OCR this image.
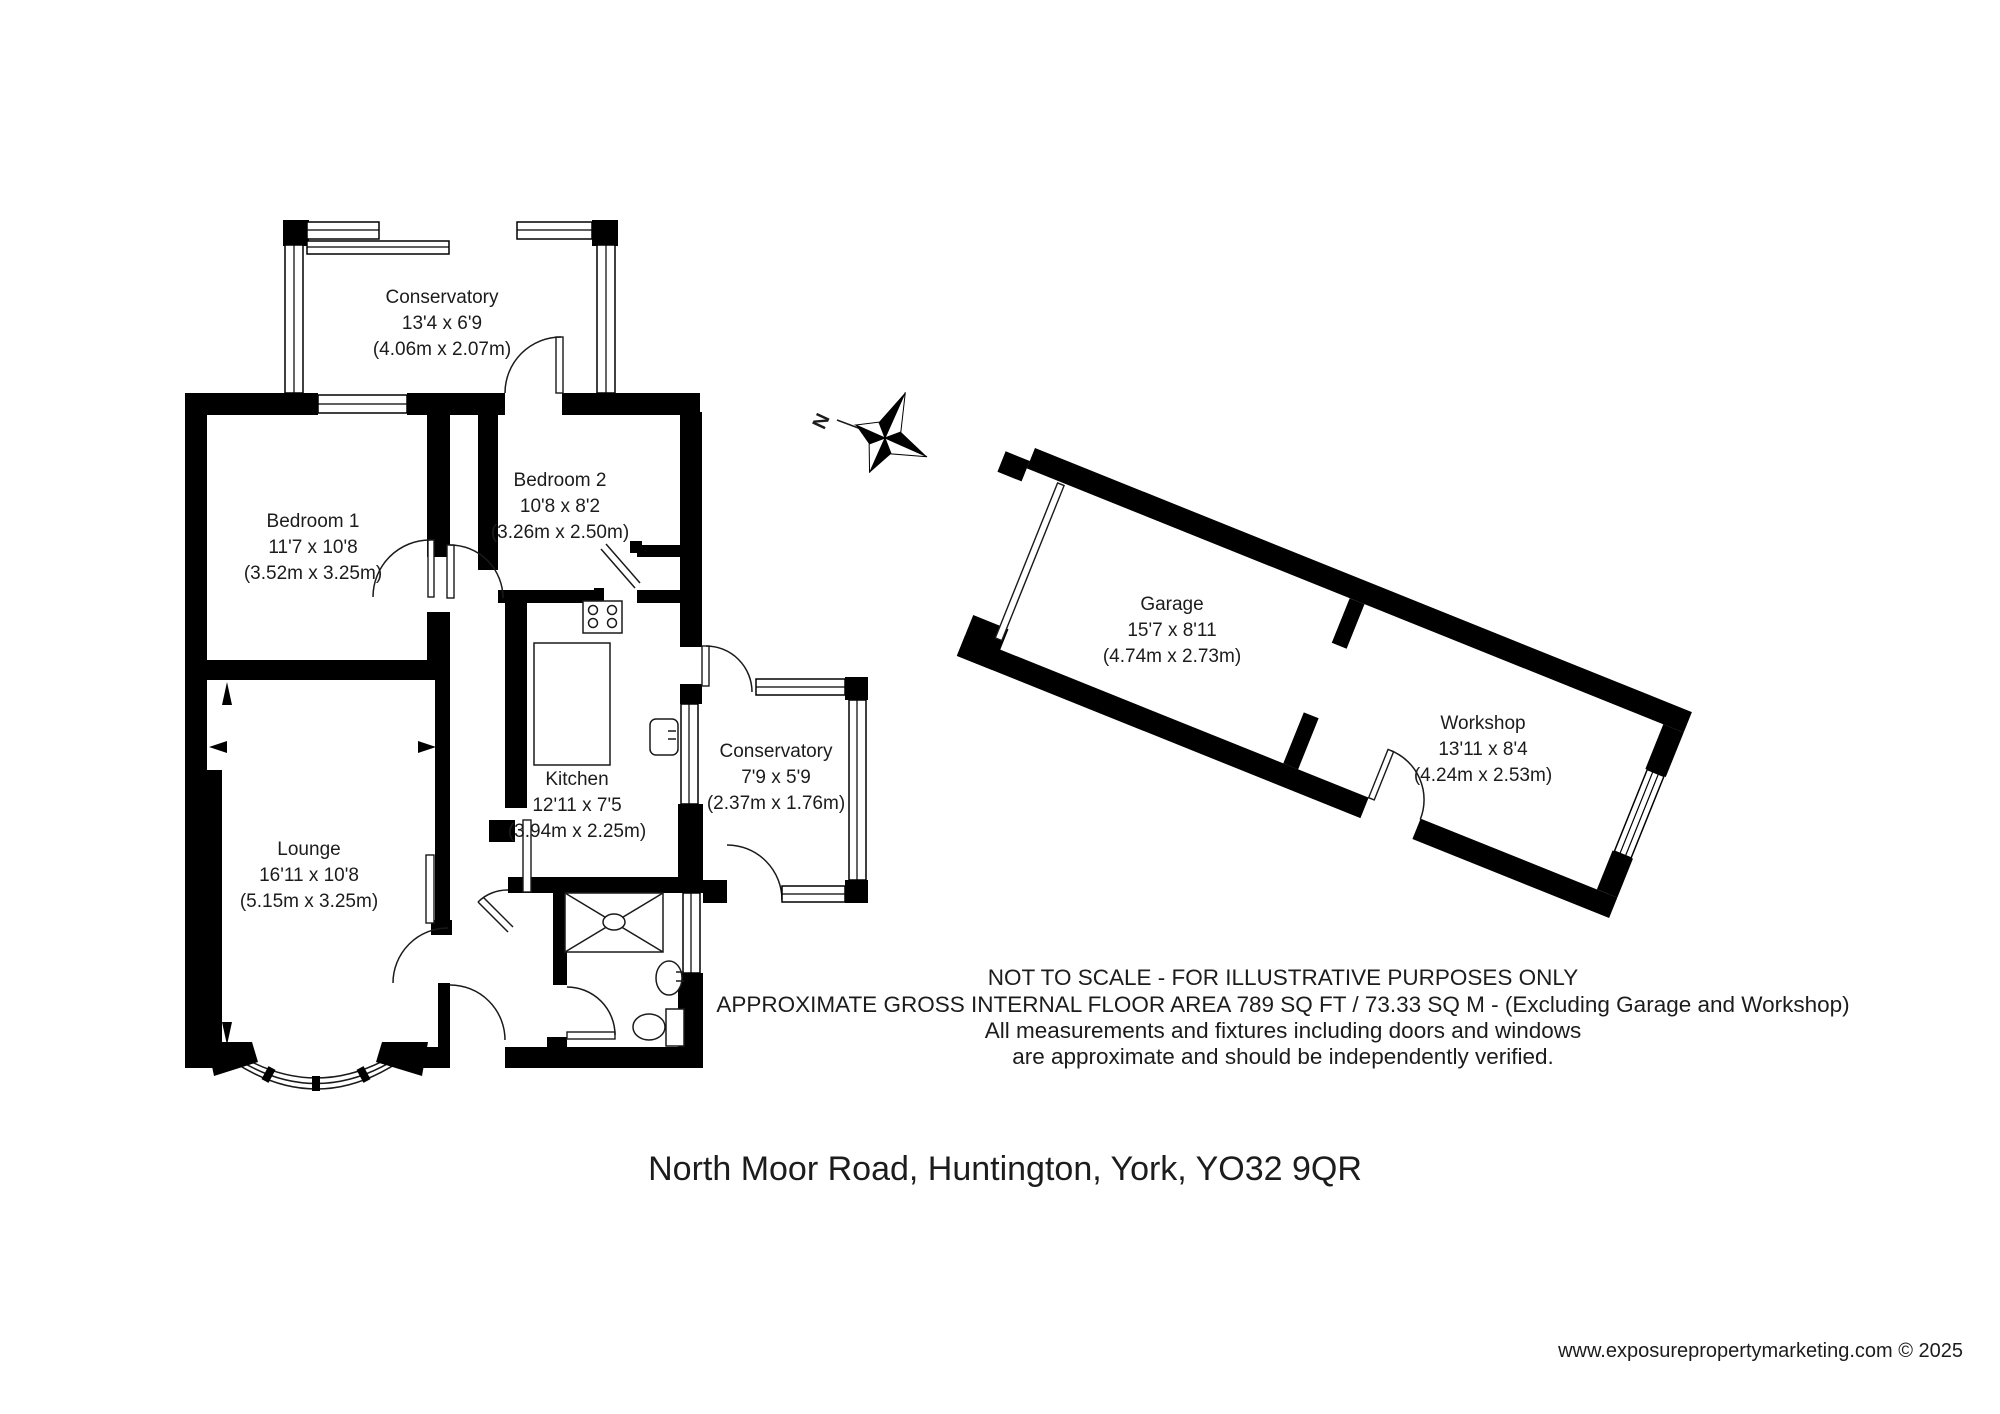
N
Conservatory
13'4 x 6'9
(4.06m x 2.07m)
Bedroom 1
11'7 x 10'8
(3.52m x 3.25m)
Bedroom 2
10'8 x 8'2
(3.26m x 2.50m)
Kitchen
12'11 x 7'5
(3.94m x 2.25m)
Lounge
16'11 x 10'8
(5.15m x 3.25m)
Conservatory
7'9 x 5'9
(2.37m x 1.76m)
Garage
15'7 x 8'11
(4.74m x 2.73m)
Workshop
13'11 x 8'4
(4.24m x 2.53m)
NOT TO SCALE - FOR ILLUSTRATIVE PURPOSES ONLY
APPROXIMATE GROSS INTERNAL FLOOR AREA 789 SQ FT / 73.33 SQ M - (Excluding Garage and Workshop)
All measurements and fixtures including doors and windows
are approximate and should be independently verified.
North Moor Road, Huntington, York, YO32 9QR
www.exposurepropertymarketing.com © 2025
